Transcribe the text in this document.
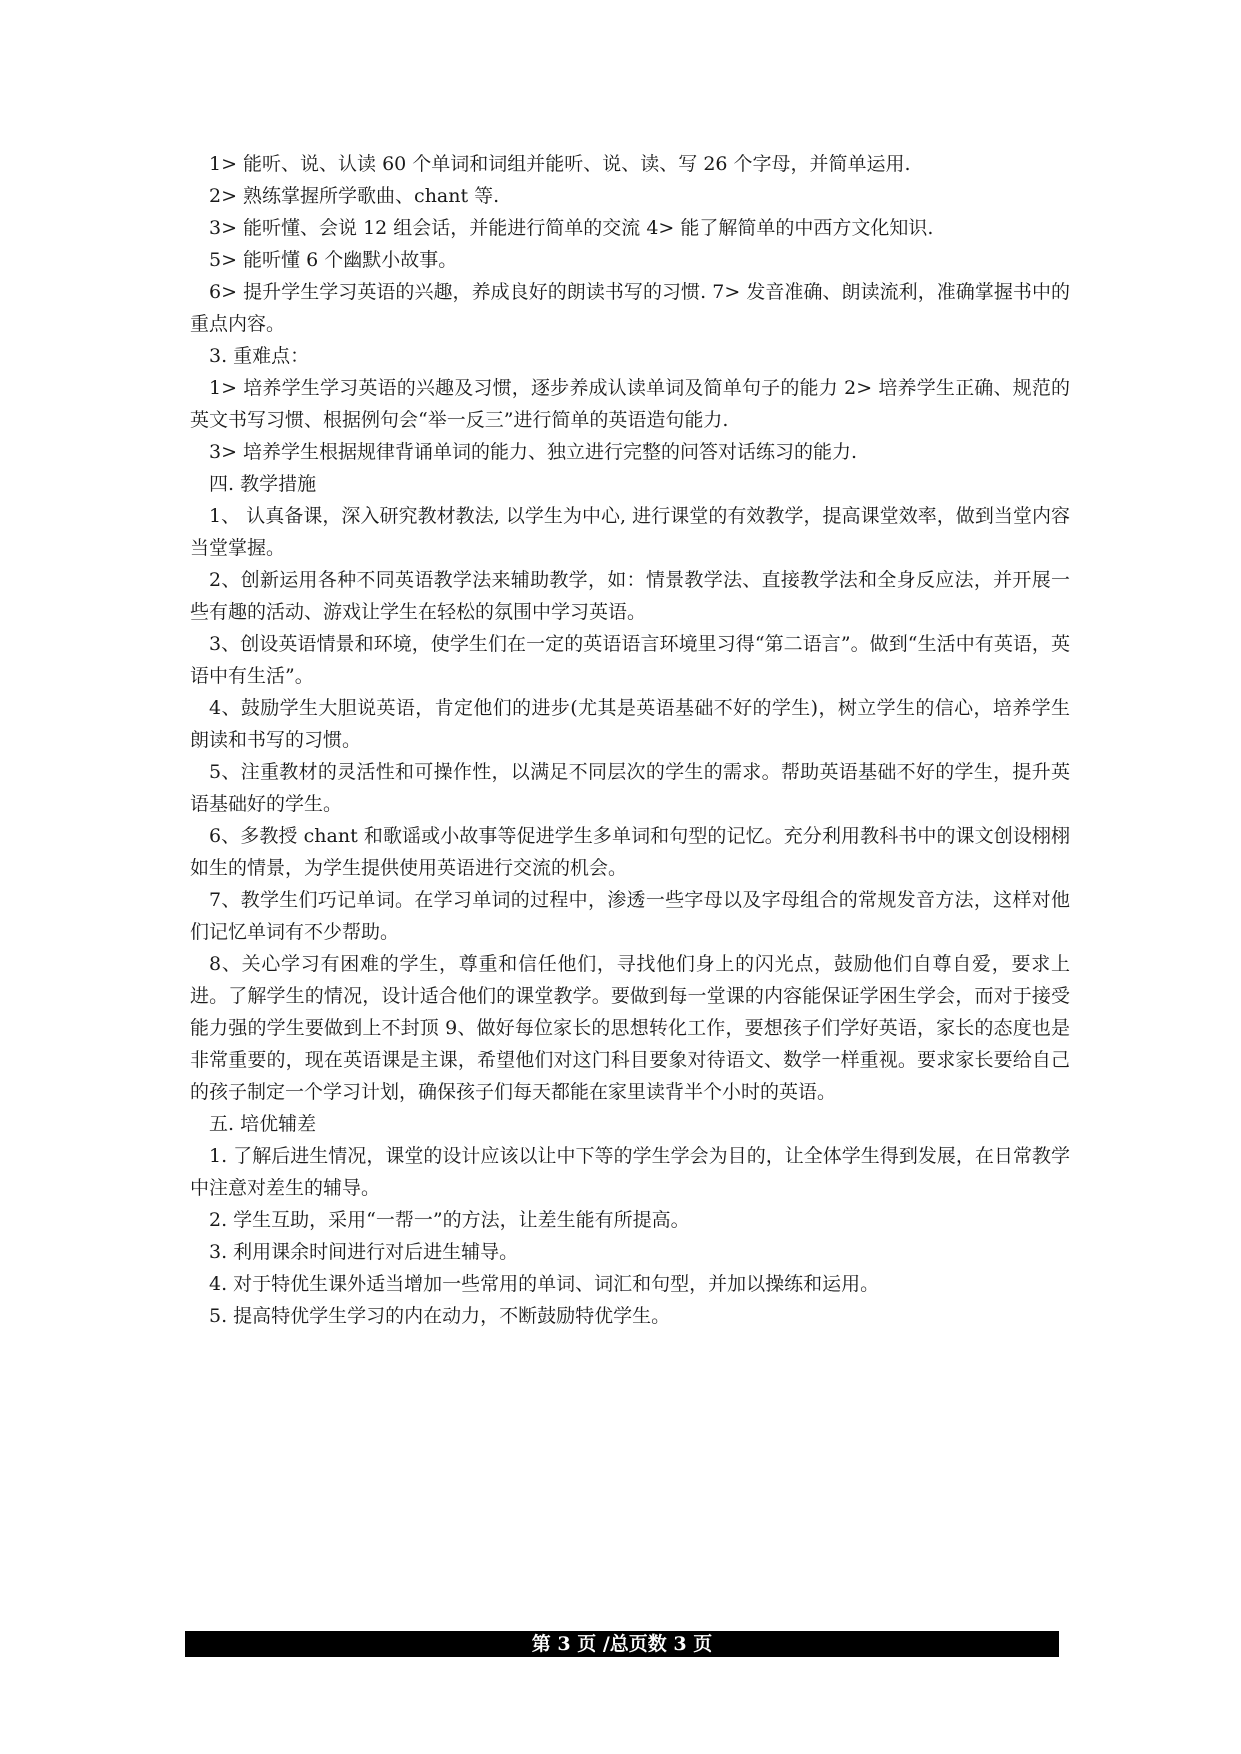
1> 能听、说、认读 60 个单词和词组并能听、说、读、写 26 个字母，并简单运用.

2> 熟练掌握所学歌曲、chant 等.

3> 能听懂、会说 12 组会话，并能进行简单的交流 4> 能了解简单的中西方文化知识.

5> 能听懂 6 个幽默小故事。

6> 提升学生学习英语的兴趣，养成良好的朗读书写的习惯. 7> 发音准确、朗读流利，准确掌握书中的重点内容。

3. 重难点：

1> 培养学生学习英语的兴趣及习惯，逐步养成认读单词及简单句子的能力 2> 培养学生正确、规范的英文书写习惯、根据例句会“举一反三”进行简单的英语造句能力.

3> 培养学生根据规律背诵单词的能力、独立进行完整的问答对话练习的能力.

四. 教学措施

1、 认真备课，深入研究教材教法, 以学生为中心, 进行课堂的有效教学，提高课堂效率，做到当堂内容当堂掌握。

2、创新运用各种不同英语教学法来辅助教学，如：情景教学法、直接教学法和全身反应法，并开展一些有趣的活动、游戏让学生在轻松的氛围中学习英语。

3、创设英语情景和环境，使学生们在一定的英语语言环境里习得“第二语言”。做到“生活中有英语，英语中有生活”。

4、鼓励学生大胆说英语，肯定他们的进步(尤其是英语基础不好的学生)，树立学生的信心，培养学生朗读和书写的习惯。

5、注重教材的灵活性和可操作性，以满足不同层次的学生的需求。帮助英语基础不好的学生，提升英语基础好的学生。

6、多教授 chant 和歌谣或小故事等促进学生多单词和句型的记忆。充分利用教科书中的课文创设栩栩如生的情景，为学生提供使用英语进行交流的机会。

7、教学生们巧记单词。在学习单词的过程中，渗透一些字母以及字母组合的常规发音方法，这样对他们记忆单词有不少帮助。

8、关心学习有困难的学生，尊重和信任他们，寻找他们身上的闪光点，鼓励他们自尊自爱，要求上进。了解学生的情况，设计适合他们的课堂教学。要做到每一堂课的内容能保证学困生学会，而对于接受能力强的学生要做到上不封顶 9、做好每位家长的思想转化工作，要想孩子们学好英语，家长的态度也是非常重要的，现在英语课是主课，希望他们对这门科目要象对待语文、数学一样重视。要求家长要给自己的孩子制定一个学习计划，确保孩子们每天都能在家里读背半个小时的英语。

五. 培优辅差

1. 了解后进生情况，课堂的设计应该以让中下等的学生学会为目的，让全体学生得到发展，在日常教学中注意对差生的辅导。

2. 学生互助，采用“一帮一”的方法，让差生能有所提高。

3. 利用课余时间进行对后进生辅导。

4. 对于特优生课外适当增加一些常用的单词、词汇和句型，并加以操练和运用。

5. 提高特优学生学习的内在动力，不断鼓励特优学生。

第 3 页 /总页数 3 页
